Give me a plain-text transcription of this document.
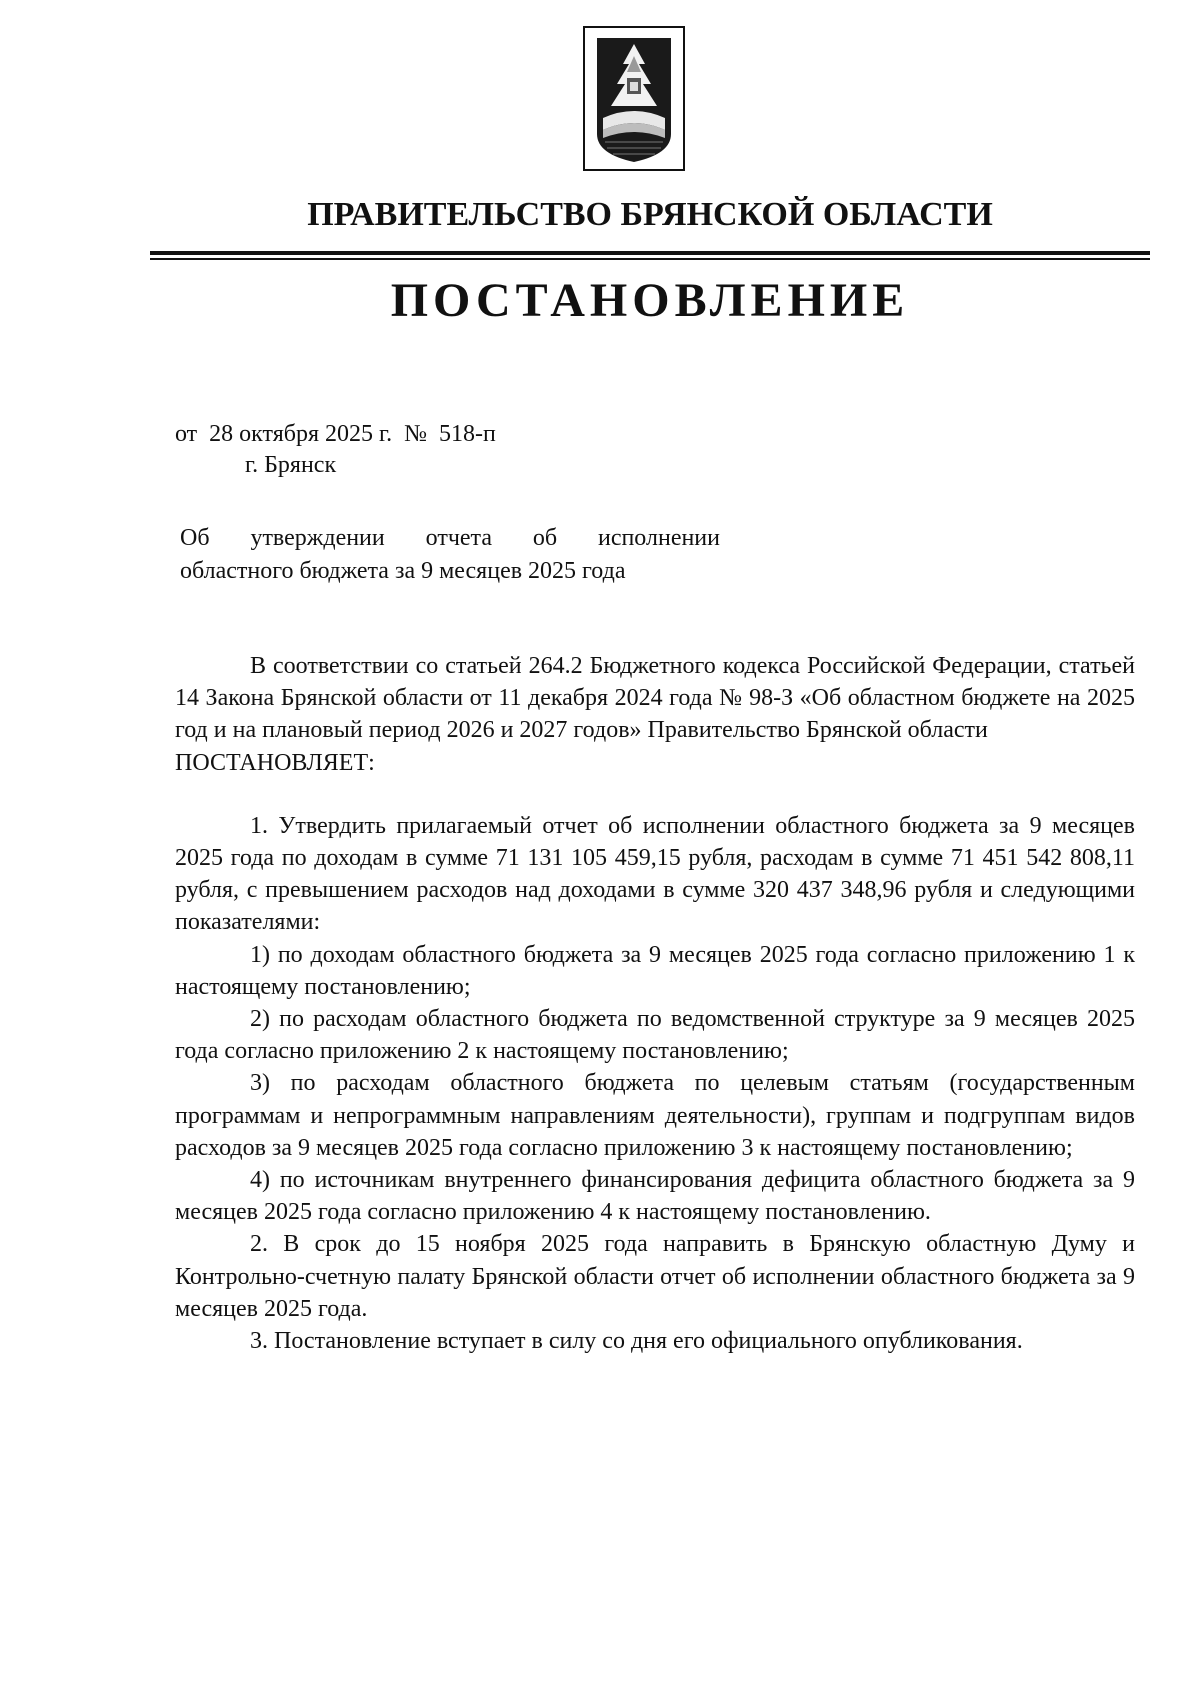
ПРАВИТЕЛЬСТВО БРЯНСКОЙ ОБЛАСТИ
ПОСТАНОВЛЕНИЕ
от  28 октября 2025 г.  №  518-п
г. Брянск
Об утверждении отчета об исполнении
областного бюджета за 9 месяцев 2025 года

В соответствии со статьей 264.2 Бюджетного кодекса Российской Федерации, статьей 14 Закона Брянской области от 11 декабря 2024 года № 98-З «Об областном бюджете на 2025 год и на плановый период 2026 и 2027 годов» Правительство Брянской области

ПОСТАНОВЛЯЕТ:

1. Утвердить прилагаемый отчет об исполнении областного бюджета за 9 месяцев 2025 года по доходам в сумме 71 131 105 459,15 рубля, расходам в сумме 71 451 542 808,11 рубля, с превышением расходов над доходами в сумме 320 437 348,96 рубля и следующими показателями:

1) по доходам областного бюджета за 9 месяцев 2025 года согласно приложению 1 к настоящему постановлению;

2) по расходам областного бюджета по ведомственной структуре за 9 месяцев 2025 года согласно приложению 2 к настоящему постановлению;

3) по расходам областного бюджета по целевым статьям (государственным программам и непрограммным направлениям деятельности), группам и подгруппам видов расходов за 9 месяцев 2025 года согласно приложению 3 к настоящему постановлению;

4) по источникам внутреннего финансирования дефицита областного бюджета за 9 месяцев 2025 года согласно приложению 4 к настоящему постановлению.

2. В срок до 15 ноября 2025 года направить в Брянскую областную Думу и Контрольно-счетную палату Брянской области отчет об исполнении областного бюджета за 9 месяцев 2025 года.

3. Постановление вступает в силу со дня его официального опубликования.
